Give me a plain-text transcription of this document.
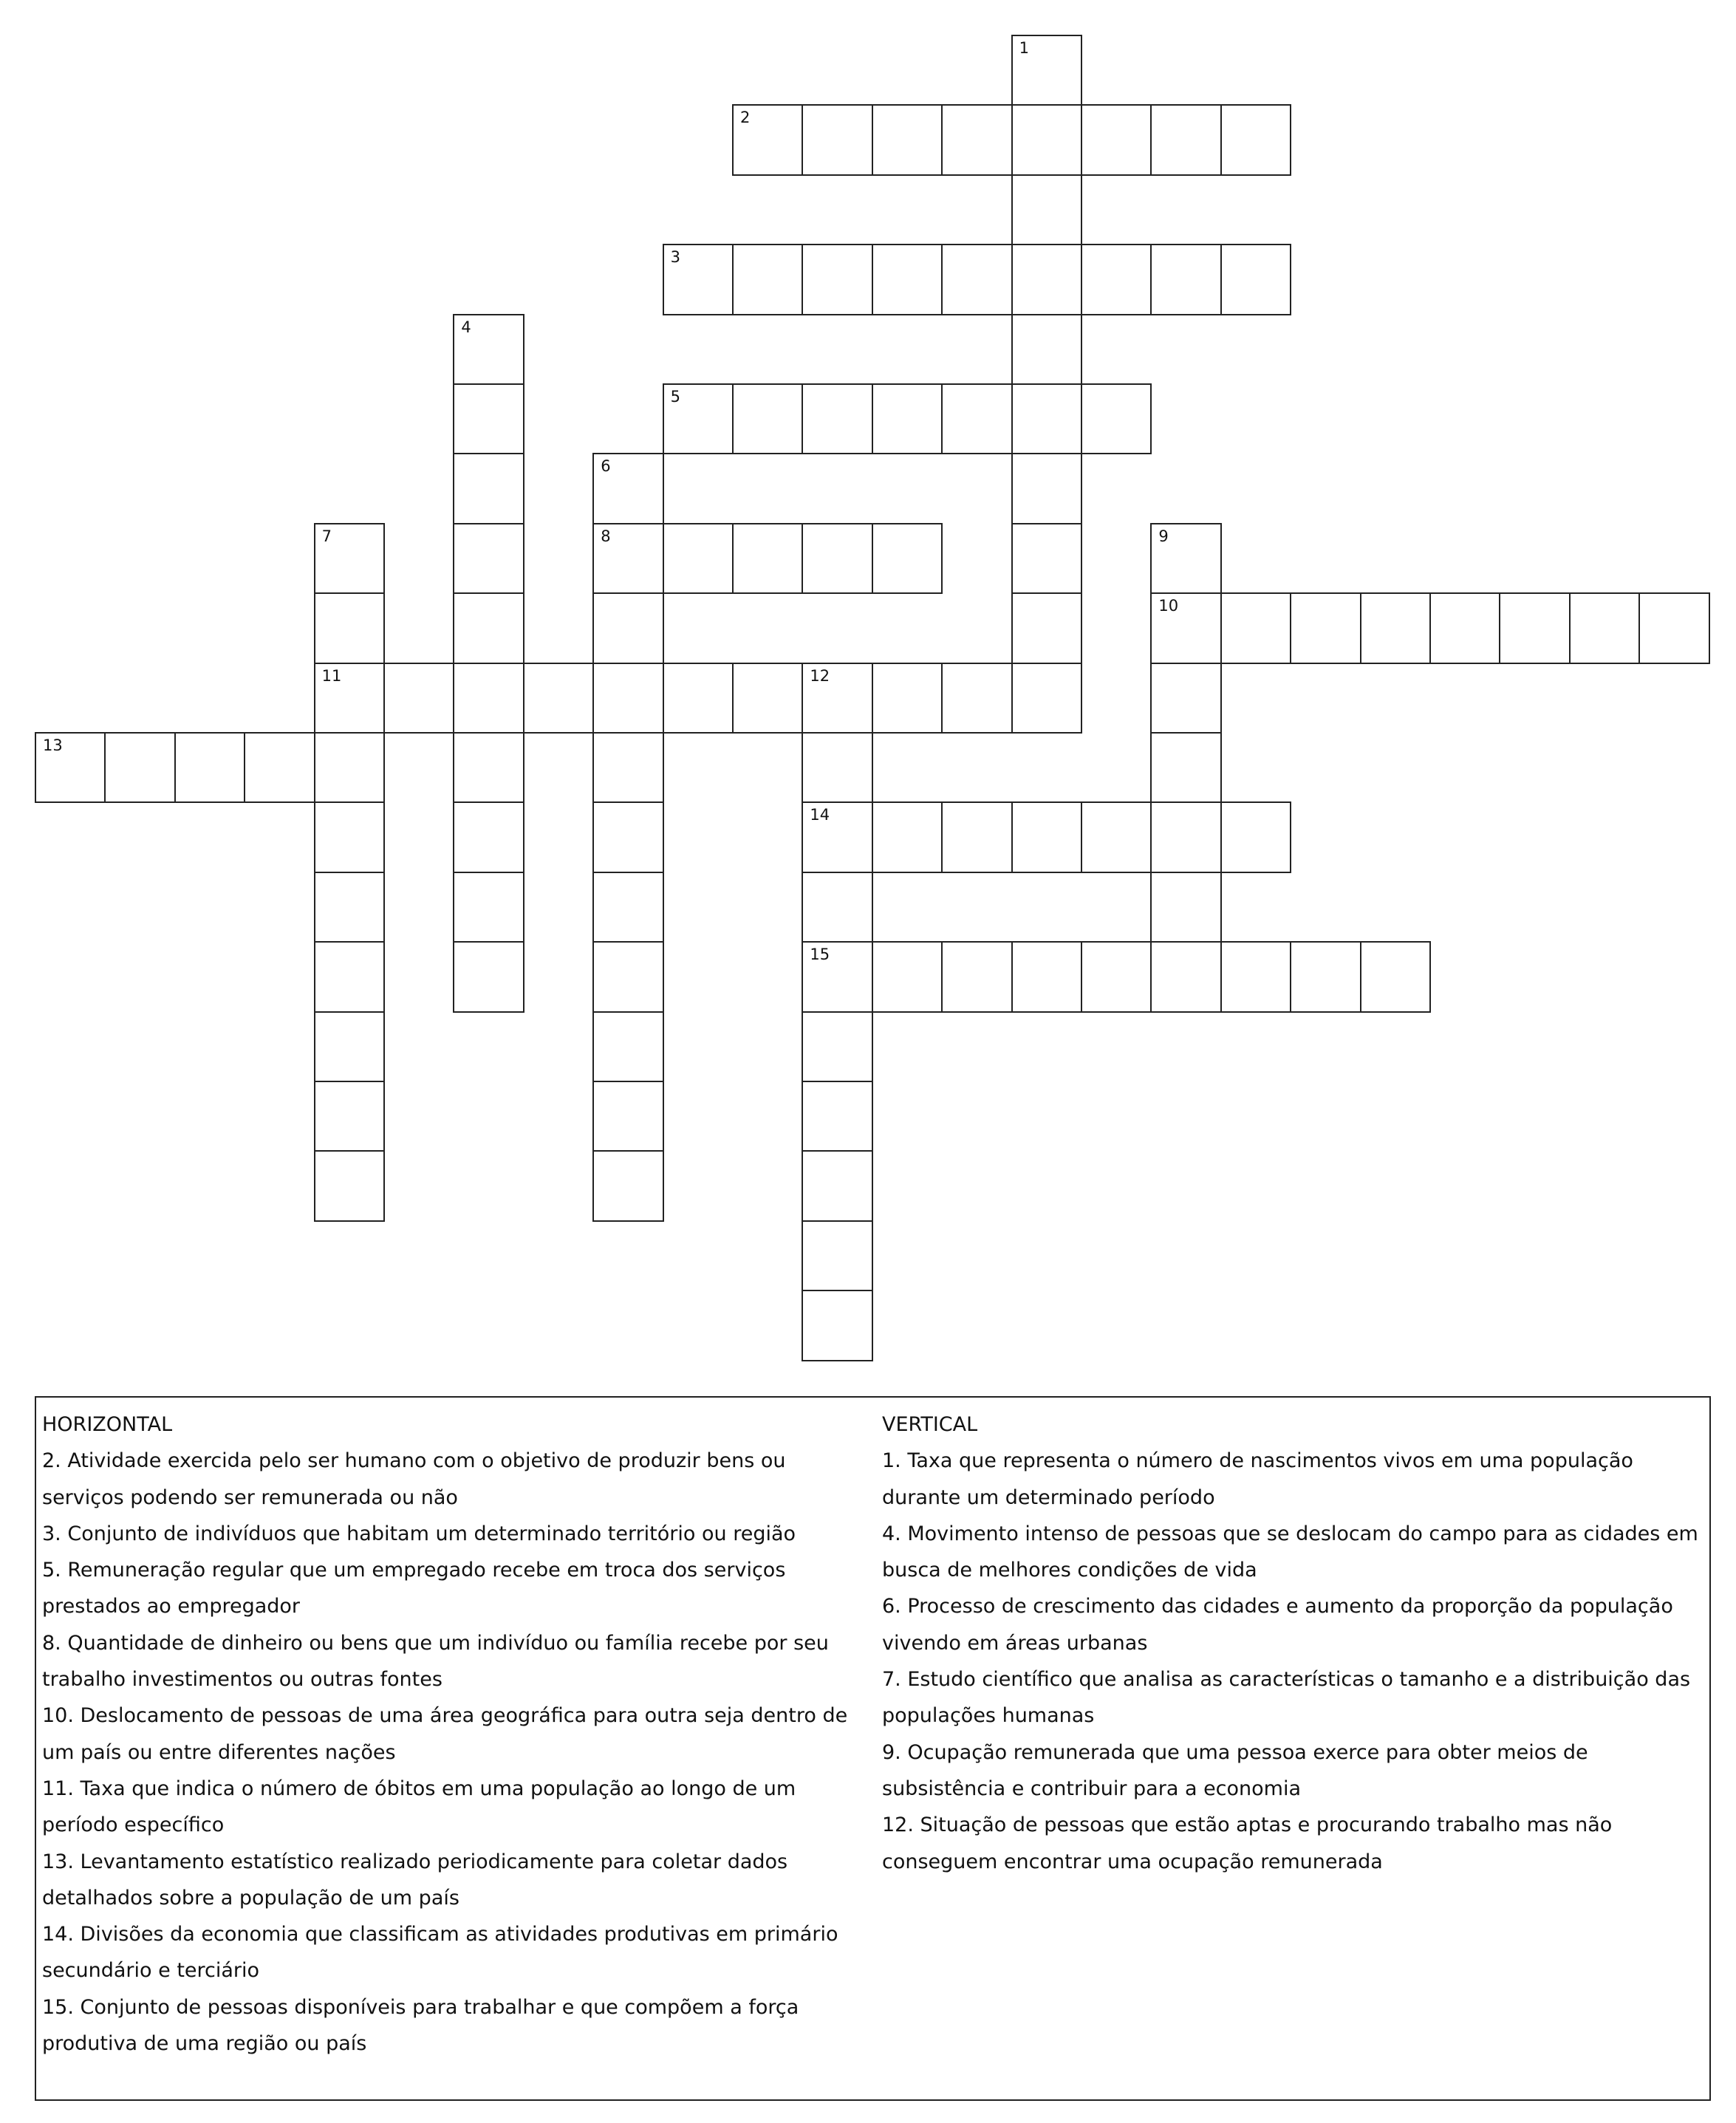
1
2
3
4
5
6
8
7
11
9
10
12
14
15
13

HORIZONTAL

2. Atividade exercida pelo ser humano com o objetivo de produzir bens ou serviços podendo ser remunerada ou não

3. Conjunto de indivíduos que habitam um determinado território ou região

5. Remuneração regular que um empregado recebe em troca dos serviços prestados ao empregador

8. Quantidade de dinheiro ou bens que um indivíduo ou família recebe por seu trabalho investimentos ou outras fontes

10. Deslocamento de pessoas de uma área geográfica para outra seja dentro de um país ou entre diferentes nações

11. Taxa que indica o número de óbitos em uma população ao longo de um período específico

13. Levantamento estatístico realizado periodicamente para coletar dados detalhados sobre a população de um país

14. Divisões da economia que classificam as atividades produtivas em primário secundário e terciário

15. Conjunto de pessoas disponíveis para trabalhar e que compõem a força produtiva de uma região ou país

VERTICAL

1. Taxa que representa o número de nascimentos vivos em uma população durante um determinado período

4. Movimento intenso de pessoas que se deslocam do campo para as cidades em busca de melhores condições de vida

6. Processo de crescimento das cidades e aumento da proporção da população vivendo em áreas urbanas

7. Estudo científico que analisa as características o tamanho e a distribuição das populações humanas

9. Ocupação remunerada que uma pessoa exerce para obter meios de subsistência e contribuir para a economia

12. Situação de pessoas que estão aptas e procurando trabalho mas não conseguem encontrar uma ocupação remunerada
